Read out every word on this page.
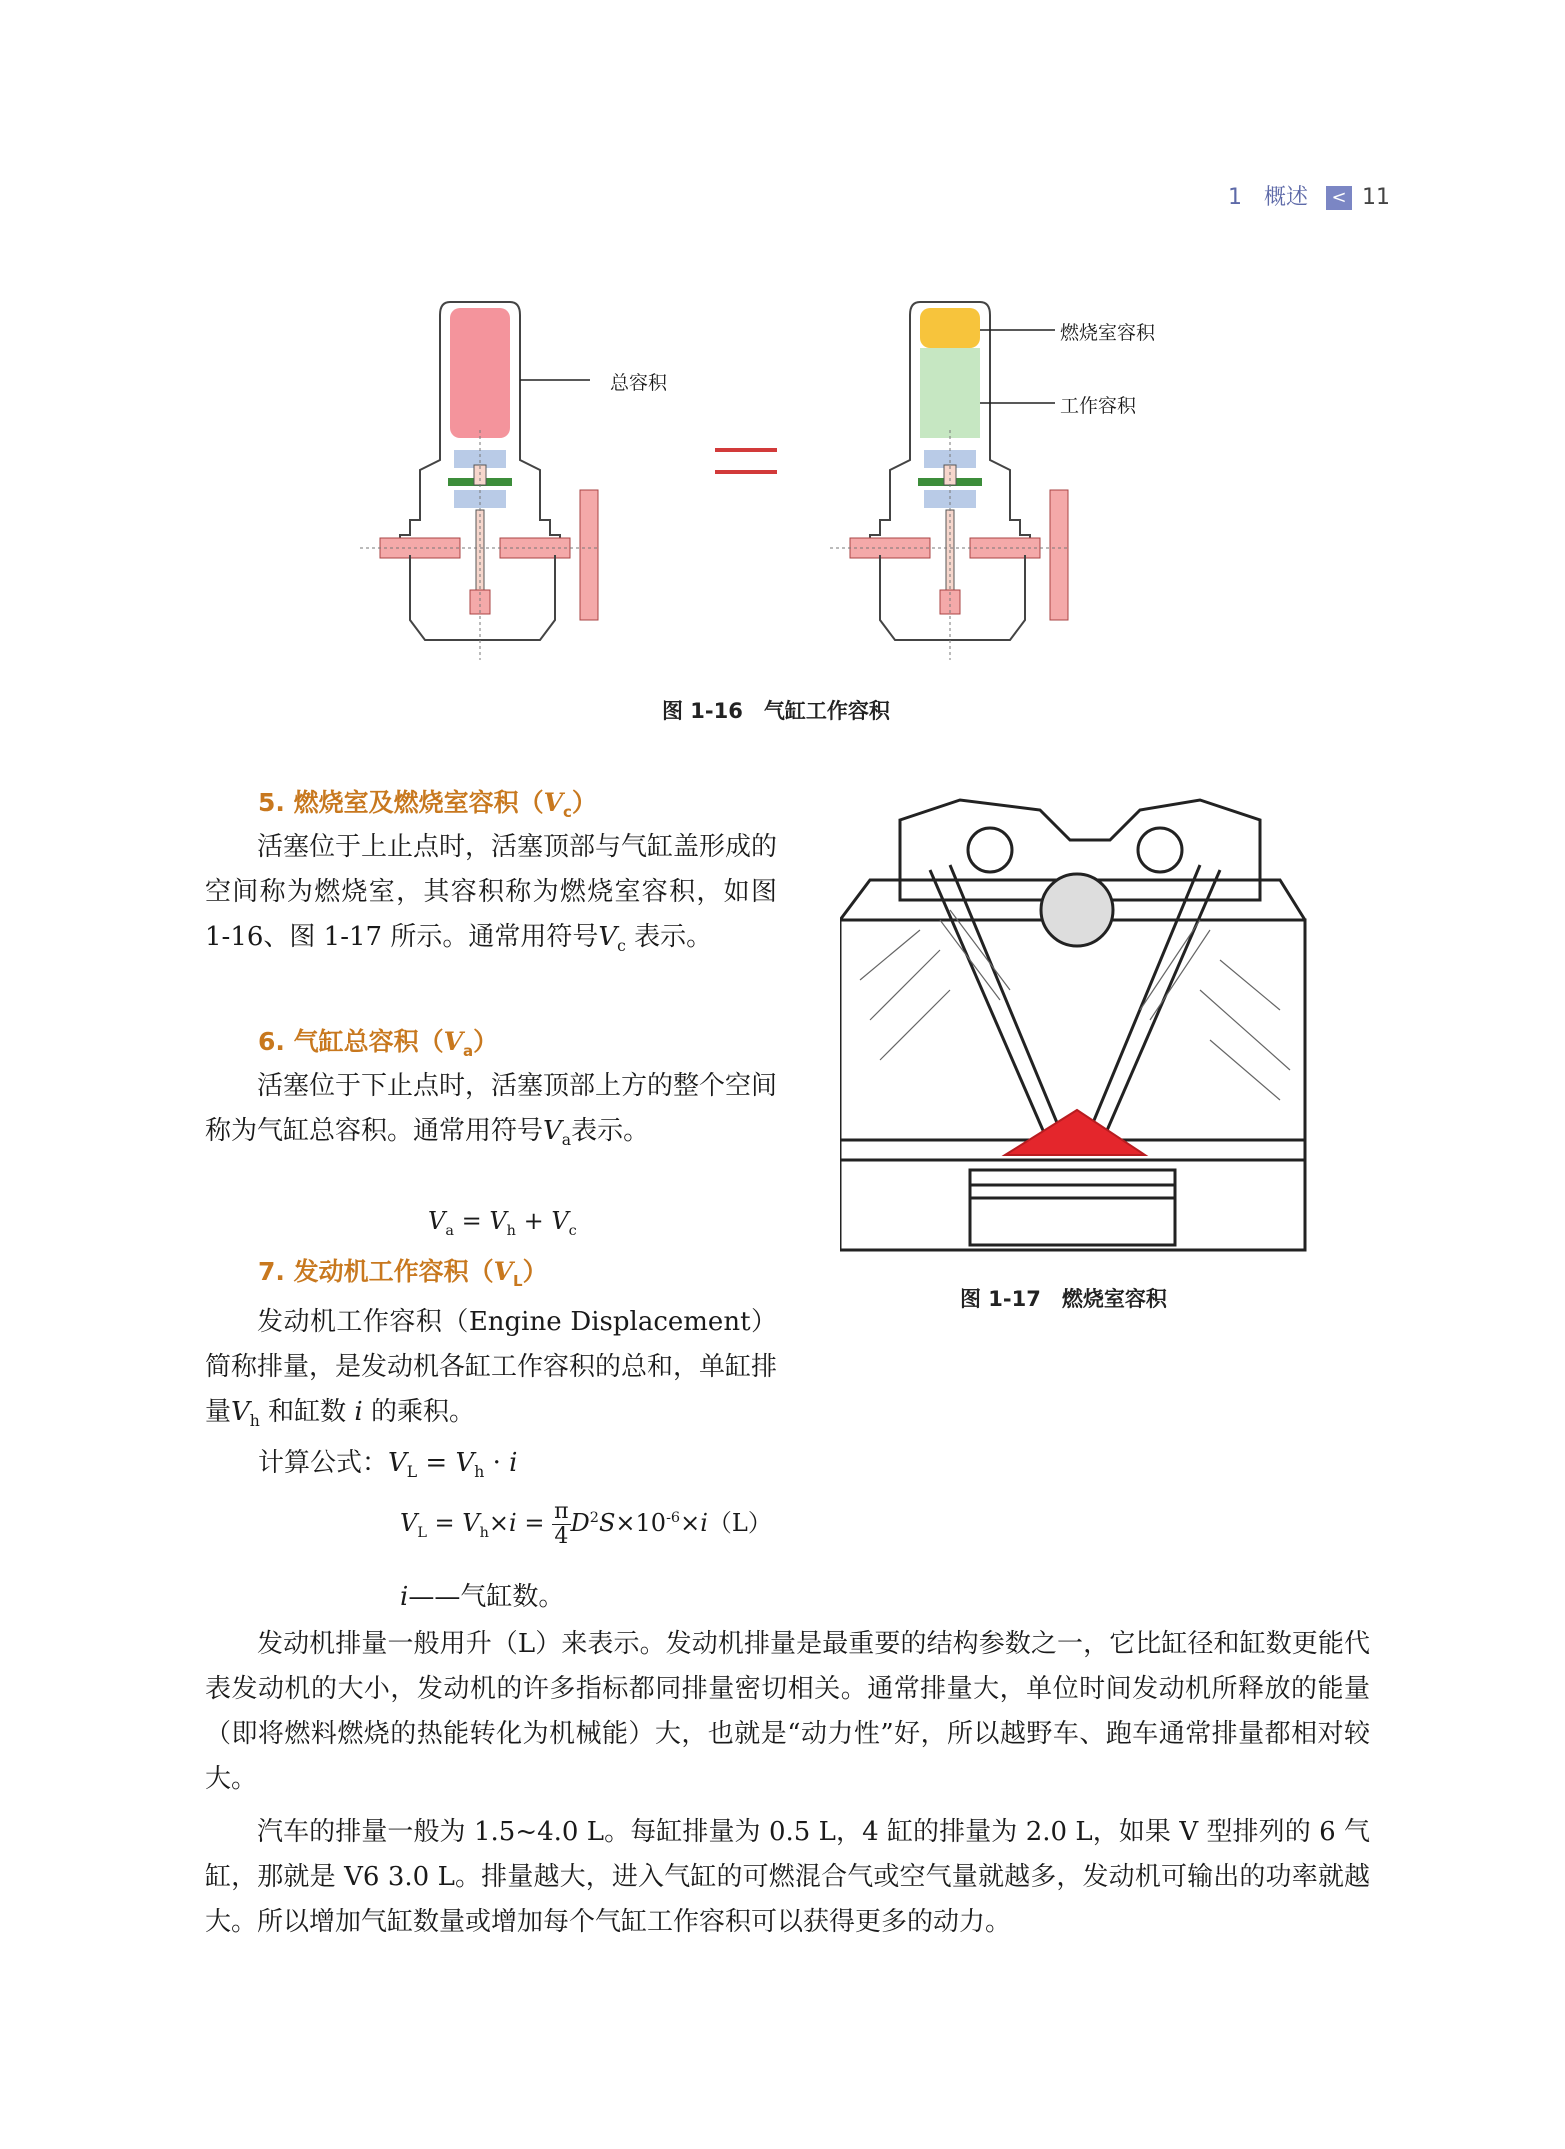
1　概述 < 11
总容积
燃烧室容积
工作容积
图 1-16　气缸工作容积
图 1-17　燃烧室容积
5. 燃烧室及燃烧室容积$(V_c)$
活塞位于上止点时，活塞顶部与气缸盖形成的空间称为燃烧室，其容积称为燃烧室容积，如图 1-16、图 1-17 所示。通常用符号$V_c$ 表示。
6. 气缸总容积$(V_a)$
活塞位于下止点时，活塞顶部上方的整个空间称为气缸总容积。通常用符号$V_a$表示。
$V_a = V_h + V_c$
7. 发动机工作容积$(V_L)$
发动机工作容积（Engine Displacement）简称排量，是发动机各缸工作容积的总和，单缸排量$V_h$ 和缸数 i 的乘积。
计算公式：$V_L = V_h \cdot i$
$V_L = V_h\times i = \frac{\pi}{4} D^2S\times 10^{-6}\times i(L)$
i——气缸数。
发动机排量一般用升（L）来表示。发动机排量是最重要的结构参数之一，它比缸径和缸数更能代表发动机的大小，发动机的许多指标都同排量密切相关。通常排量大，单位时间发动机所释放的能量（即将燃料燃烧的热能转化为机械能）大，也就是“动力性”好，所以越野车、跑车通常排量都相对较大。
汽车的排量一般为 1.5~4.0 L。每缸排量为 0.5 L，4 缸的排量为 2.0 L，如果 V 型排列的 6 气缸，那就是 V6 3.0 L。排量越大，进入气缸的可燃混合气或空气量就越多，发动机可输出的功率就越大。所以增加气缸数量或增加每个气缸工作容积可以获得更多的动力。
